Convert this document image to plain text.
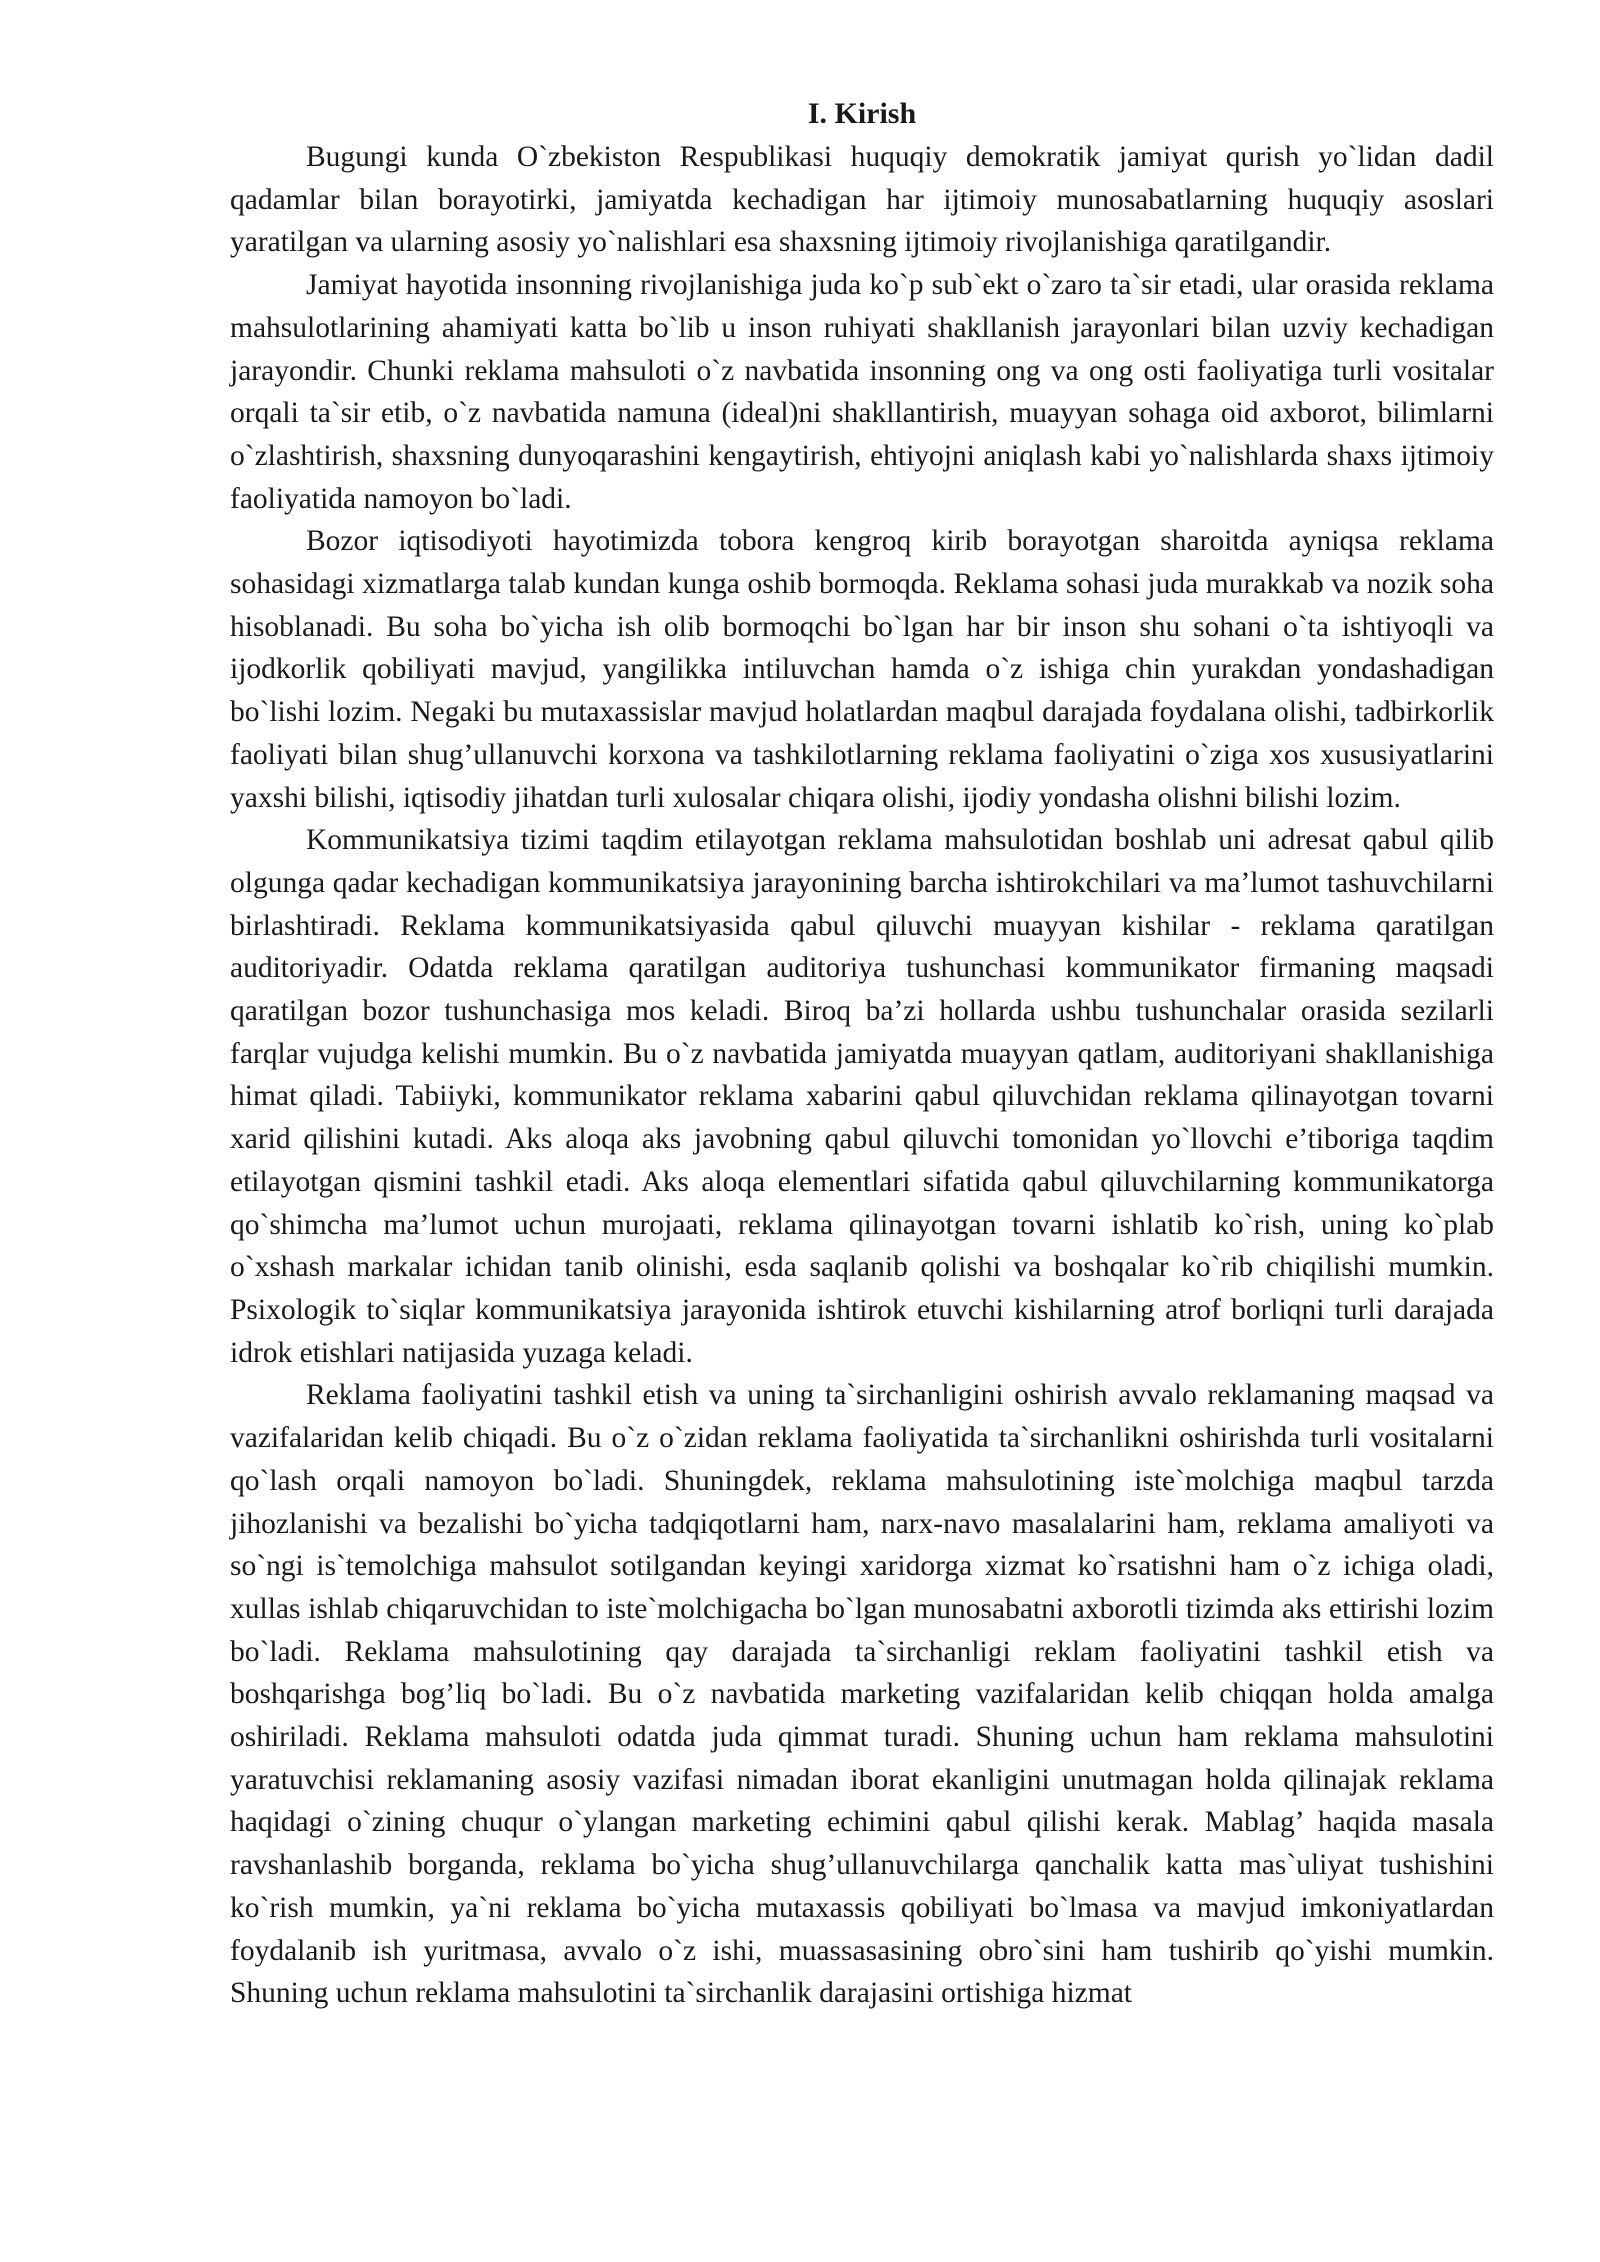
I. Kirish

Bugungi kunda O`zbekiston Respublikasi huquqiy demokratik jamiyat qurish yo`lidan dadil qadamlar bilan borayotirki, jamiyatda kechadigan har ijtimoiy munosabatlarning huquqiy asoslari yaratilgan va ularning asosiy yo`nalishlari esa shaxsning ijtimoiy rivojlanishiga qaratilgandir.

Jamiyat hayotida insonning rivojlanishiga juda ko`p sub`ekt o`zaro ta`sir etadi, ular orasida reklama mahsulotlarining ahamiyati katta bo`lib u inson ruhiyati shakllanish jarayonlari bilan uzviy kechadigan jarayondir. Chunki reklama mahsuloti o`z navbatida insonning ong va ong osti faoliyatiga turli vositalar orqali ta`sir etib, o`z navbatida namuna (ideal)ni shakllantirish, muayyan sohaga oid axborot, bilimlarni o`zlashtirish, shaxsning dunyoqarashini kengaytirish, ehtiyojni aniqlash kabi yo`nalishlarda shaxs ijtimoiy faoliyatida namoyon bo`ladi.

Bozor iqtisodiyoti hayotimizda tobora kengroq kirib borayotgan sharoitda ayniqsa reklama sohasidagi xizmatlarga talab kundan kunga oshib bormoqda. Reklama sohasi juda murakkab va nozik soha hisoblanadi. Bu soha bo`yicha ish olib bormoqchi bo`lgan har bir inson shu sohani o`ta ishtiyoqli va ijodkorlik qobiliyati mavjud, yangilikka intiluvchan hamda o`z ishiga chin yurakdan yondashadigan bo`lishi lozim. Negaki bu mutaxassislar mavjud holatlardan maqbul darajada foydalana olishi, tadbirkorlik faoliyati bilan shug’ullanuvchi korxona va tashkilotlarning reklama faoliyatini o`ziga xos xususiyatlarini yaxshi bilishi, iqtisodiy jihatdan turli xulosalar chiqara olishi, ijodiy yondasha olishni bilishi lozim.

Kommunikatsiya tizimi taqdim etilayotgan reklama mahsulotidan boshlab uni adresat qabul qilib olgunga qadar kechadigan kommunikatsiya jarayonining barcha ishtirokchilari va ma’lumot tashuvchilarni birlashtiradi. Reklama kommunikatsiyasida qabul qiluvchi muayyan kishilar - reklama qaratilgan auditoriyadir. Odatda reklama qaratilgan auditoriya tushunchasi kommunikator firmaning maqsadi qaratilgan bozor tushunchasiga mos keladi. Biroq ba’zi hollarda ushbu tushunchalar orasida sezilarli farqlar vujudga kelishi mumkin. Bu o`z navbatida jamiyatda muayyan qatlam, auditoriyani shakllanishiga himat qiladi. Tabiiyki, kommunikator reklama xabarini qabul qiluvchidan reklama qilinayotgan tovarni xarid qilishini kutadi. Aks aloqa aks javobning qabul qiluvchi tomonidan yo`llovchi e’tiboriga taqdim etilayotgan qismini tashkil etadi. Aks aloqa elementlari sifatida qabul qiluvchilarning kommunikatorga qo`shimcha ma’lumot uchun murojaati, reklama qilinayotgan tovarni ishlatib ko`rish, uning ko`plab o`xshash markalar ichidan tanib olinishi, esda saqlanib qolishi va boshqalar ko`rib chiqilishi mumkin. Psixologik to`siqlar kommunikatsiya jarayonida ishtirok etuvchi kishilarning atrof borliqni turli darajada idrok etishlari natijasida yuzaga keladi.

Reklama faoliyatini tashkil etish va uning ta`sirchanligini oshirish avvalo reklamaning maqsad va vazifalaridan kelib chiqadi. Bu o`z o`zidan reklama faoliyatida ta`sirchanlikni oshirishda turli vositalarni qo`lash orqali namoyon bo`ladi. Shuningdek, reklama mahsulotining iste`molchiga maqbul tarzda jihozlanishi va bezalishi bo`yicha tadqiqotlarni ham, narx-navo masalalarini ham, reklama amaliyoti va so`ngi is`temolchiga mahsulot sotilgandan keyingi xaridorga xizmat ko`rsatishni ham o`z ichiga oladi, xullas ishlab chiqaruvchidan to iste`molchigacha bo`lgan munosabatni axborotli tizimda aks ettirishi lozim bo`ladi. Reklama mahsulotining qay darajada ta`sirchanligi reklam faoliyatini tashkil etish va boshqarishga bog’liq bo`ladi. Bu o`z navbatida marketing vazifalaridan kelib chiqqan holda amalga oshiriladi. Reklama mahsuloti odatda juda qimmat turadi. Shuning uchun ham reklama mahsulotini yaratuvchisi reklamaning asosiy vazifasi nimadan iborat ekanligini unutmagan holda qilinajak reklama haqidagi o`zining chuqur o`ylangan marketing echimini qabul qilishi kerak. Mablag’ haqida masala ravshanlashib borganda, reklama bo`yicha shug’ullanuvchilarga qanchalik katta mas`uliyat tushishini ko`rish mumkin, ya`ni reklama bo`yicha mutaxassis qobiliyati bo`lmasa va mavjud imkoniyatlardan foydalanib ish yuritmasa, avvalo o`z ishi, muassasasining obro`sini ham tushirib qo`yishi mumkin. Shuning uchun reklama mahsulotini ta`sirchanlik darajasini ortishiga hizmat
